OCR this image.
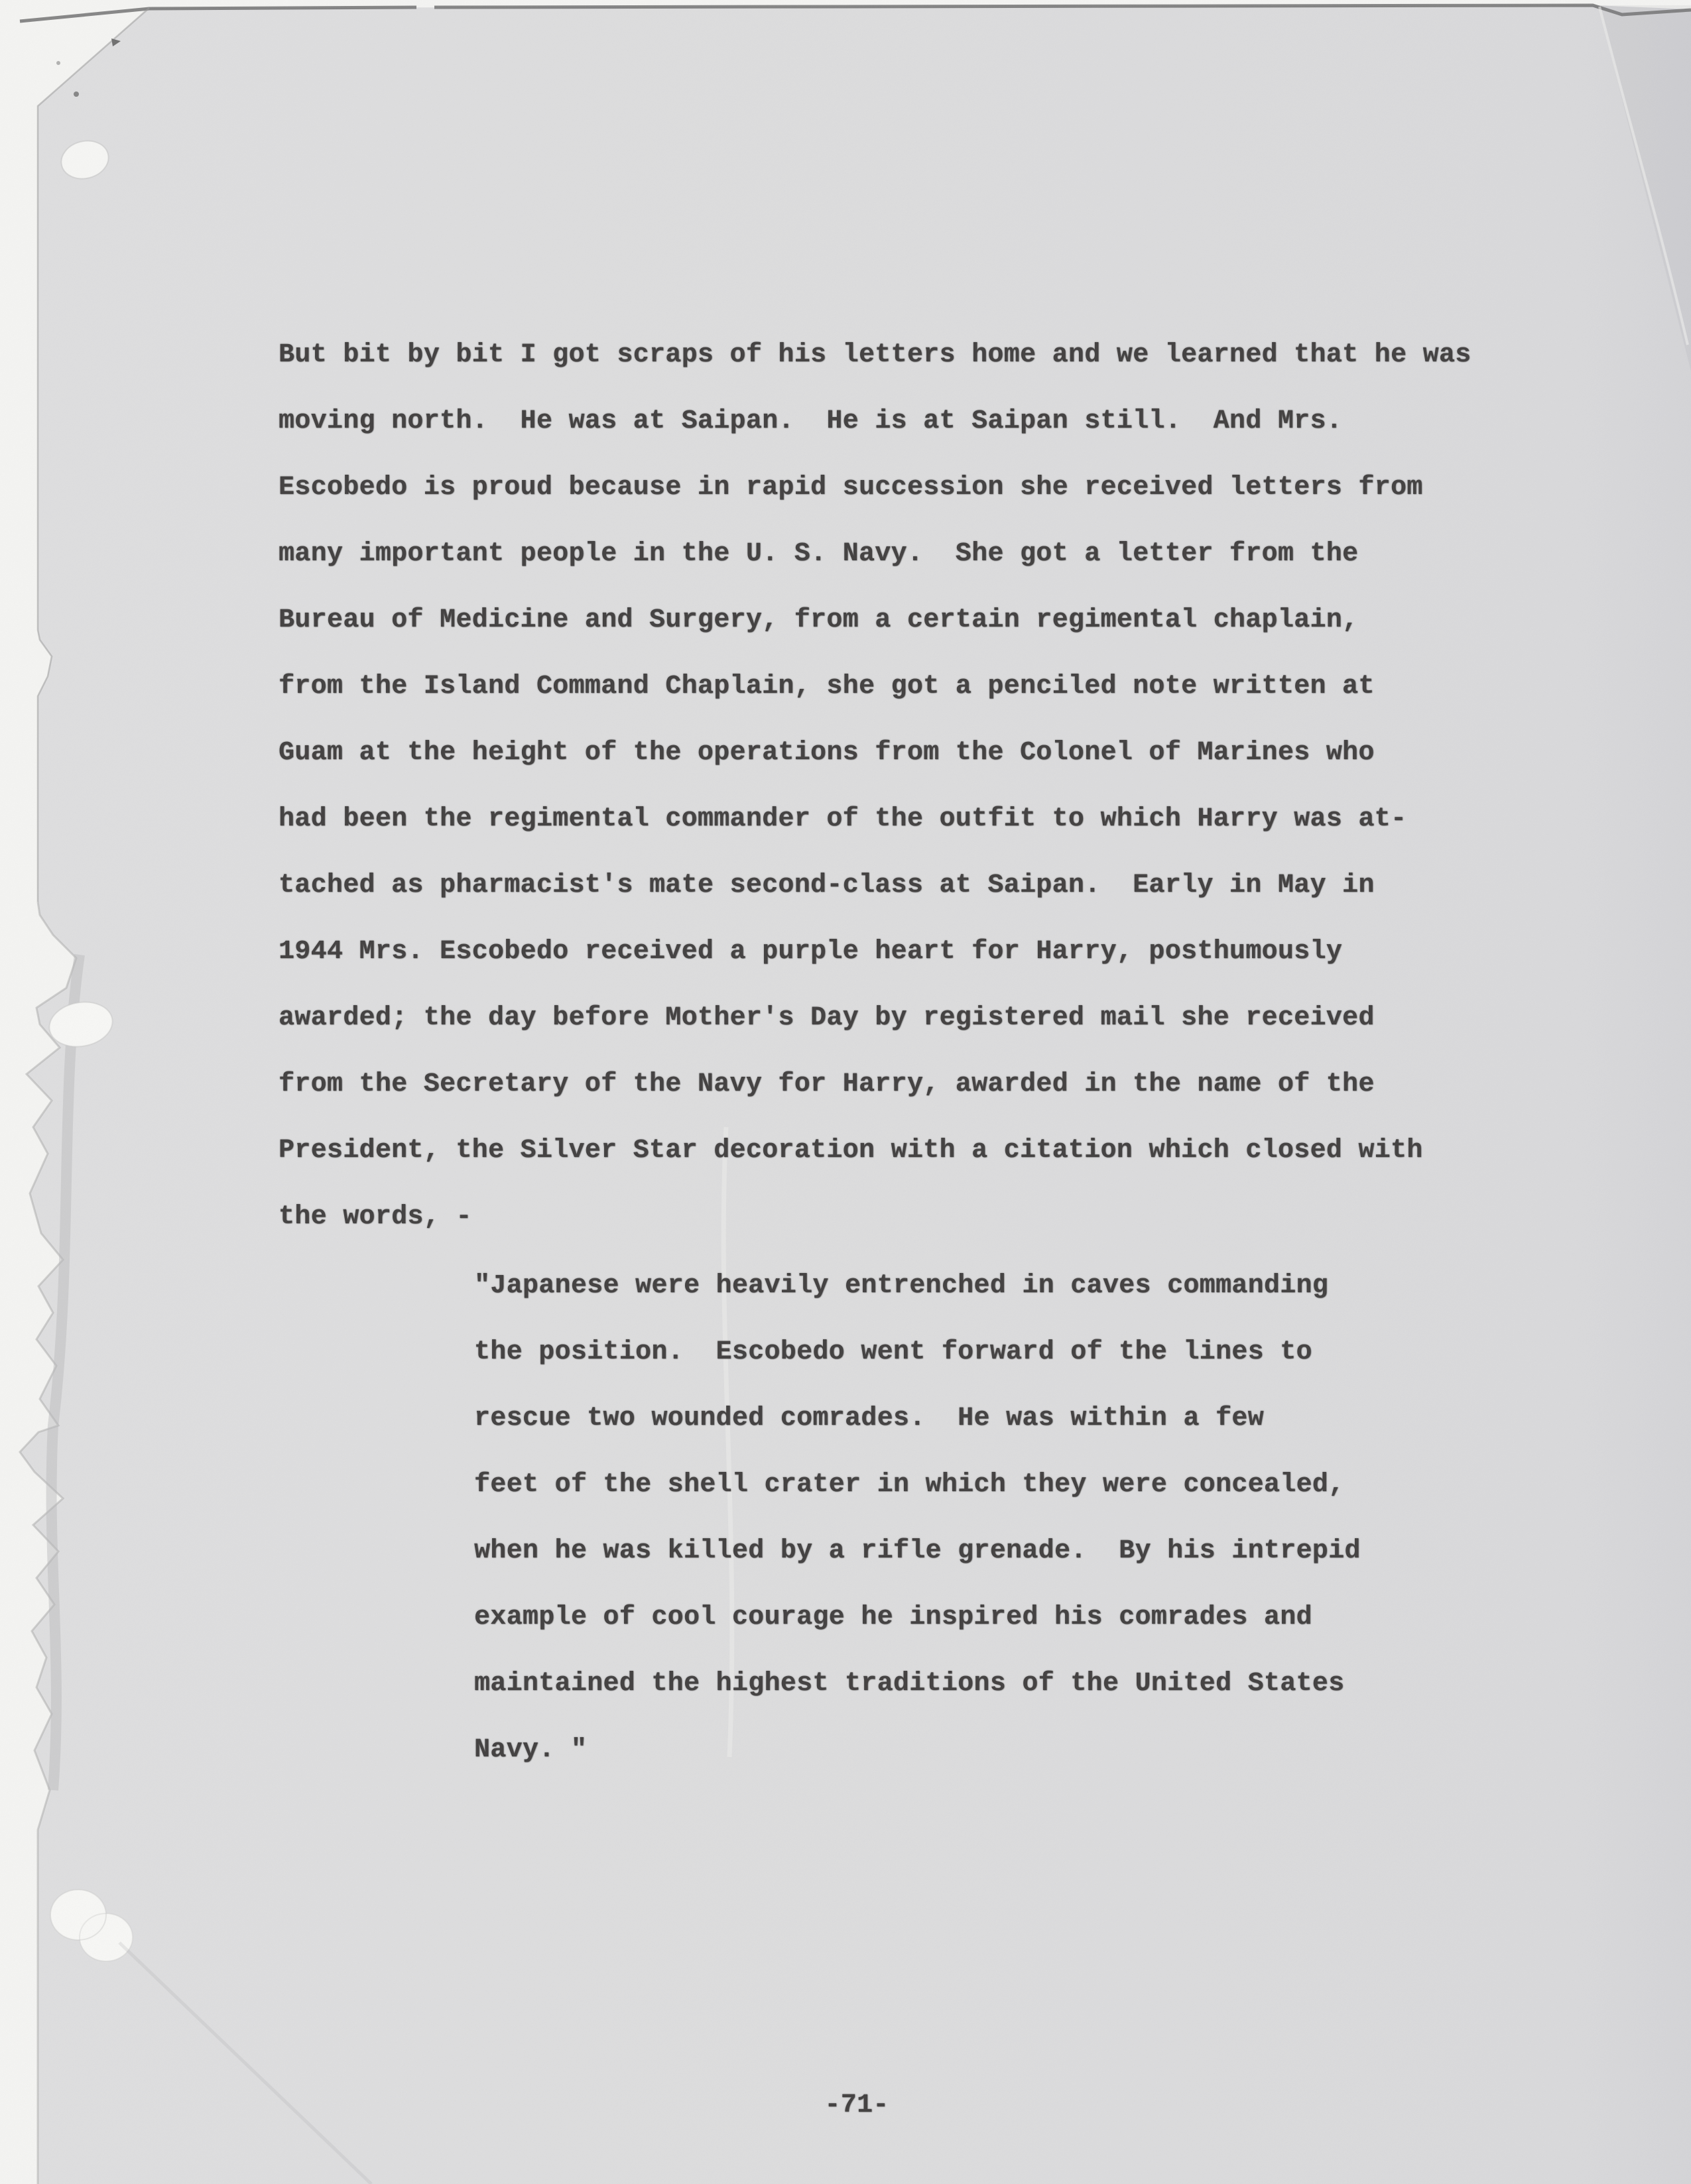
But bit by bit I got scraps of his letters home and we learned that he was
moving north.  He was at Saipan.  He is at Saipan still.  And Mrs.
Escobedo is proud because in rapid succession she received letters from
many important people in the U. S. Navy.  She got a letter from the
Bureau of Medicine and Surgery, from a certain regimental chaplain,
from the Island Command Chaplain, she got a penciled note written at
Guam at the height of the operations from the Colonel of Marines who
had been the regimental commander of the outfit to which Harry was at-
tached as pharmacist's mate second-class at Saipan.  Early in May in
1944 Mrs. Escobedo received a purple heart for Harry, posthumously
awarded; the day before Mother's Day by registered mail she received
from the Secretary of the Navy for Harry, awarded in the name of the
President, the Silver Star decoration with a citation which closed with
the words, -
"Japanese were heavily entrenched in caves commanding
the position.  Escobedo went forward of the lines to
rescue two wounded comrades.  He was within a few
feet of the shell crater in which they were concealed,
when he was killed by a rifle grenade.  By his intrepid
example of cool courage he inspired his comrades and
maintained the highest traditions of the United States
Navy. "
-71-
